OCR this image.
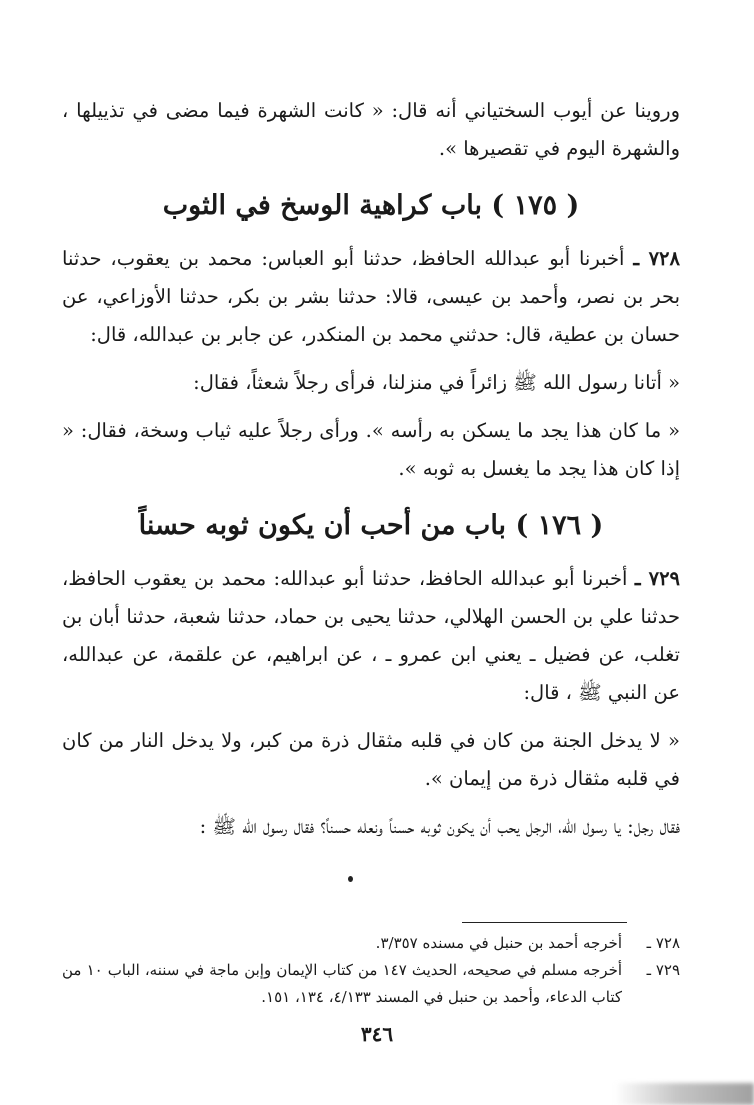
وروينا عن أيوب السختياني أنه قال: « كانت الشهرة فيما مضى في تذييلها ، والشهرة اليوم في تقصيرها ».

( ١٧٥ ) باب كراهية الوسخ في الثوب

٧٢٨ ـ أخبرنا أبو عبدالله الحافظ، حدثنا أبو العباس: محمد بن يعقوب، حدثنا بحر بن نصر، وأحمد بن عيسى، قالا: حدثنا بشر بن بكر، حدثنا الأوزاعي، عن حسان بن عطية، قال: حدثني محمد بن المنكدر، عن جابر بن عبدالله، قال:

« أتانا رسول الله ﷺ زائراً في منزلنا، فرأى رجلاً شعثاً، فقال:

« ما كان هذا يجد ما يسكن به رأسه ». ورأى رجلاً عليه ثياب وسخة، فقال: « إذا كان هذا يجد ما يغسل به ثوبه ».

( ١٧٦ ) باب من أحب أن يكون ثوبه حسناً

٧٢٩ ـ أخبرنا أبو عبدالله الحافظ، حدثنا أبو عبدالله: محمد بن يعقوب الحافظ، حدثنا علي بن الحسن الهلالي، حدثنا يحيى بن حماد، حدثنا شعبة، حدثنا أبان بن تغلب، عن فضيل ـ يعني ابن عمرو ـ ، عن ابراهيم، عن علقمة، عن عبدالله، عن النبي ﷺ ، قال:

« لا يدخل الجنة من كان في قلبه مثقال ذرة من كبر، ولا يدخل النار من كان في قلبه مثقال ذرة من إيمان ».

فقال رجل: يا رسول الله، الرجل يحب أن يكون ثوبه حسناً ونعله حسناً؟ فقال رسول الله ﷺ :

٧٢٨ ـ
أخرجه أحمد بن حنبل في مسنده ٣/٣٥٧.
٧٢٩ ـ
أخرجه مسلم في صحيحه، الحديث ١٤٧ من كتاب الإيمان وإبن ماجة في سننه، الباب ١٠ من كتاب الدعاء، وأحمد بن حنبل في المسند ٤/١٣٣، ١٣٤، ١٥١.
٣٤٦
